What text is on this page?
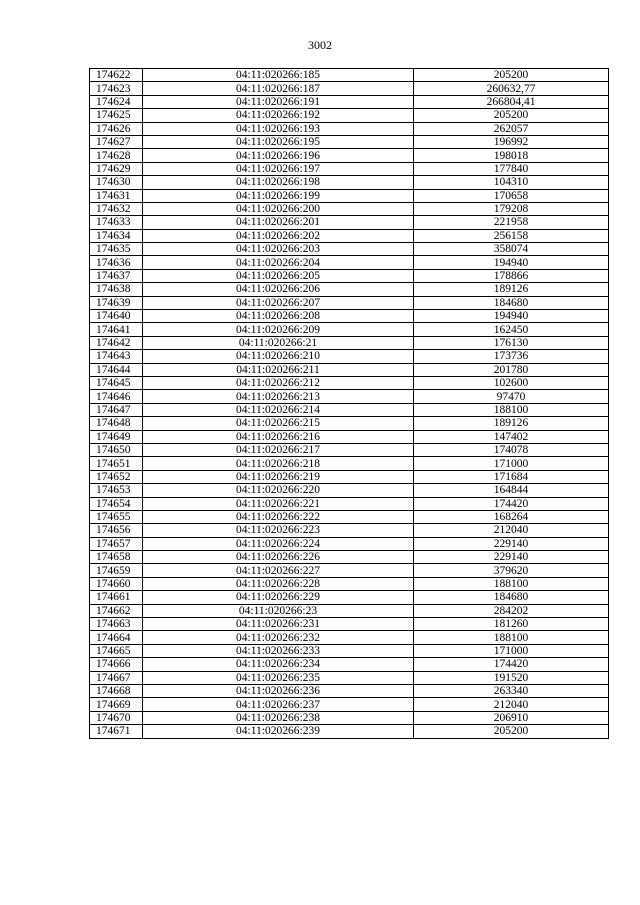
3002
174622	04:11:020266:185	205200
174623	04:11:020266:187	260632,77
174624	04:11:020266:191	266804,41
174625	04:11:020266:192	205200
174626	04:11:020266:193	262057
174627	04:11:020266:195	196992
174628	04:11:020266:196	198018
174629	04:11:020266:197	177840
174630	04:11:020266:198	104310
174631	04:11:020266:199	170658
174632	04:11:020266:200	179208
174633	04:11:020266:201	221958
174634	04:11:020266:202	256158
174635	04:11:020266:203	358074
174636	04:11:020266:204	194940
174637	04:11:020266:205	178866
174638	04:11:020266:206	189126
174639	04:11:020266:207	184680
174640	04:11:020266:208	194940
174641	04:11:020266:209	162450
174642	04:11:020266:21	176130
174643	04:11:020266:210	173736
174644	04:11:020266:211	201780
174645	04:11:020266:212	102600
174646	04:11:020266:213	97470
174647	04:11:020266:214	188100
174648	04:11:020266:215	189126
174649	04:11:020266:216	147402
174650	04:11:020266:217	174078
174651	04:11:020266:218	171000
174652	04:11:020266:219	171684
174653	04:11:020266:220	164844
174654	04:11:020266:221	174420
174655	04:11:020266:222	168264
174656	04:11:020266:223	212040
174657	04:11:020266:224	229140
174658	04:11:020266:226	229140
174659	04:11:020266:227	379620
174660	04:11:020266:228	188100
174661	04:11:020266:229	184680
174662	04:11:020266:23	284202
174663	04:11:020266:231	181260
174664	04:11:020266:232	188100
174665	04:11:020266:233	171000
174666	04:11:020266:234	174420
174667	04:11:020266:235	191520
174668	04:11:020266:236	263340
174669	04:11:020266:237	212040
174670	04:11:020266:238	206910
174671	04:11:020266:239	205200
